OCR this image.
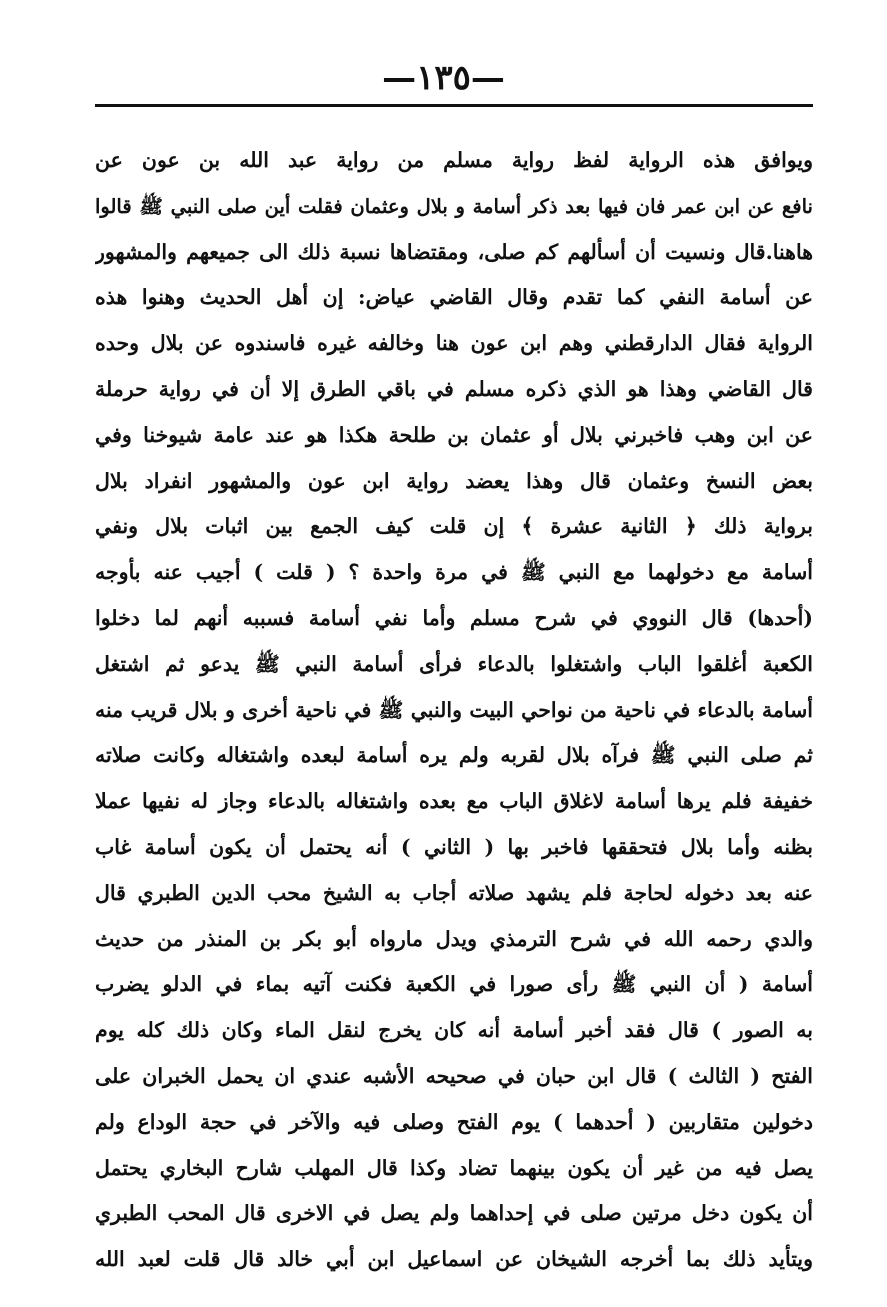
—١٣٥—
ويوافق هذه الرواية لفظ رواية مسلم من رواية عبد الله بن عون عن
نافع عن ابن عمر فان فيها بعد ذكر أسامة و بلال وعثمان فقلت أين صلى النبي ﷺ قالوا
هاهنا.قال ونسيت أن أسألهم كم صلى، ومقتضاها نسبة ذلك الى جميعهم والمشهور
عن أسامة النفي كما تقدم وقال القاضي عياض: إن أهل الحديث وهنوا هذه
الرواية فقال الدارقطني وهم ابن عون هنا وخالفه غيره فاسندوه عن بلال وحده
قال القاضي وهذا هو الذي ذكره مسلم في باقي الطرق إلا أن في رواية حرملة
عن ابن وهب فاخبرني بلال أو عثمان بن طلحة هكذا هو عند عامة شيوخنا وفي
بعض النسخ وعثمان قال وهذا يعضد رواية ابن عون والمشهور انفراد بلال
برواية ذلك ﴿ الثانية عشرة ﴾ إن قلت كيف الجمع بين اثبات بلال ونفي
أسامة مع دخولهما مع النبي ﷺ في مرة واحدة ؟ ( قلت ) أجيب عنه بأوجه
(أحدها) قال النووي في شرح مسلم وأما نفي أسامة فسببه أنهم لما دخلوا
الكعبة أغلقوا الباب واشتغلوا بالدعاء فرأى أسامة النبي ﷺ يدعو ثم اشتغل
أسامة بالدعاء في ناحية من نواحي البيت والنبي ﷺ في ناحية أخرى و بلال قريب منه
ثم صلى النبي ﷺ فرآه بلال لقربه ولم يره أسامة لبعده واشتغاله وكانت صلاته
خفيفة فلم يرها أسامة لاغلاق الباب مع بعده واشتغاله بالدعاء وجاز له نفيها عملا
بظنه وأما بلال فتحققها فاخبر بها ( الثاني ) أنه يحتمل أن يكون أسامة غاب
عنه بعد دخوله لحاجة فلم يشهد صلاته أجاب به الشيخ محب الدين الطبري قال
والدي رحمه الله في شرح الترمذي ويدل مارواه أبو بكر بن المنذر من حديث
أسامة ( أن النبي ﷺ رأى صورا في الكعبة فكنت آتيه بماء في الدلو يضرب
به الصور ) قال فقد أخبر أسامة أنه كان يخرج لنقل الماء وكان ذلك كله يوم
الفتح ( الثالث ) قال ابن حبان في صحيحه الأشبه عندي ان يحمل الخبران على
دخولين متقاربين ( أحدهما ) يوم الفتح وصلى فيه والآخر في حجة الوداع ولم
يصل فيه من غير أن يكون بينهما تضاد وكذا قال المهلب شارح البخاري يحتمل
أن يكون دخل مرتين صلى في إحداهما ولم يصل في الاخرى قال المحب الطبري
ويتأيد ذلك بما أخرجه الشيخان عن اسماعيل ابن أبي خالد قال قلت لعبد الله
